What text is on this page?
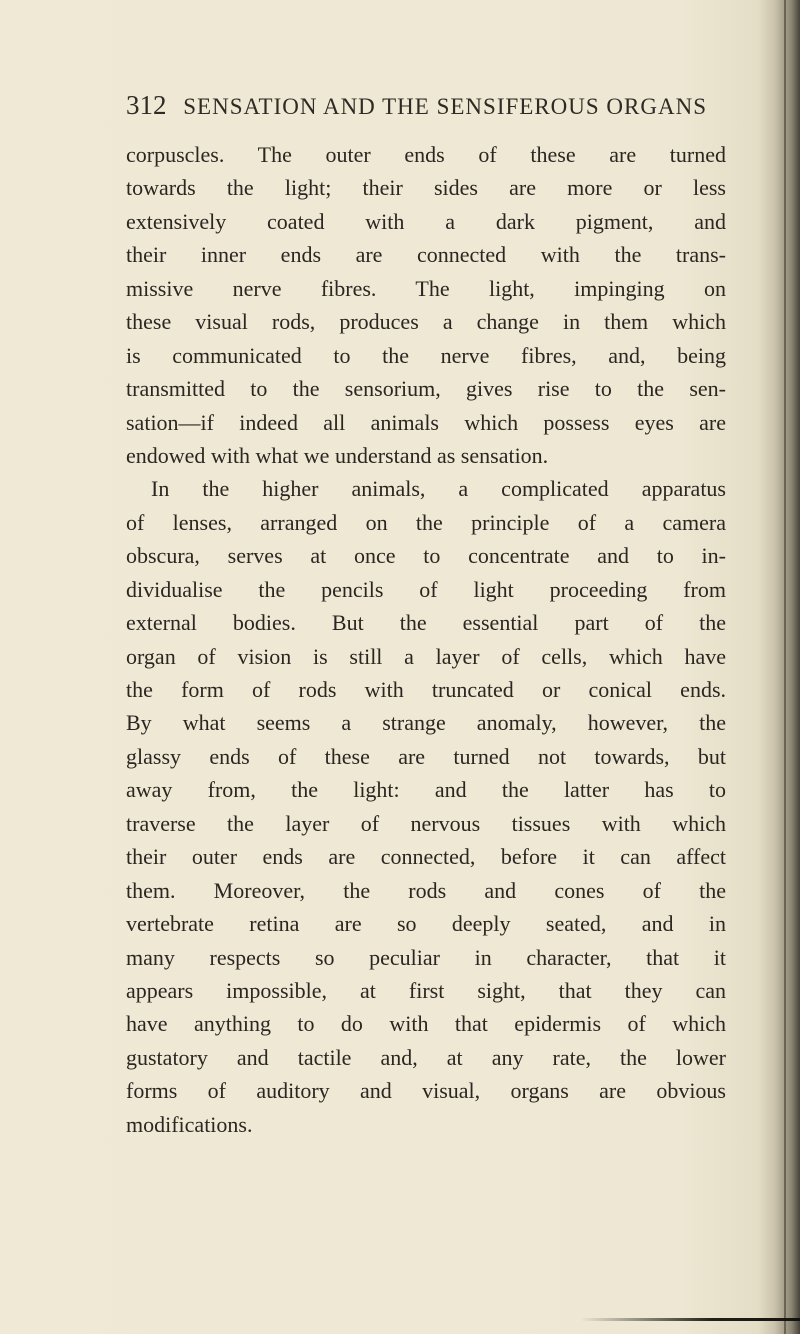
312 SENSATION AND THE SENSIFEROUS ORGANS
corpuscles. The outer ends of these are turned
towards the light; their sides are more or less
extensively coated with a dark pigment, and
their inner ends are connected with the trans-
missive nerve fibres. The light, impinging on
these visual rods, produces a change in them which
is communicated to the nerve fibres, and, being
transmitted to the sensorium, gives rise to the sen-
sation—if indeed all animals which possess eyes are
endowed with what we understand as sensation.
In the higher animals, a complicated apparatus
of lenses, arranged on the principle of a camera
obscura, serves at once to concentrate and to in-
dividualise the pencils of light proceeding from
external bodies. But the essential part of the
organ of vision is still a layer of cells, which have
the form of rods with truncated or conical ends.
By what seems a strange anomaly, however, the
glassy ends of these are turned not towards, but
away from, the light: and the latter has to
traverse the layer of nervous tissues with which
their outer ends are connected, before it can affect
them. Moreover, the rods and cones of the
vertebrate retina are so deeply seated, and in
many respects so peculiar in character, that it
appears impossible, at first sight, that they can
have anything to do with that epidermis of which
gustatory and tactile and, at any rate, the lower
forms of auditory and visual, organs are obvious
modifications.
